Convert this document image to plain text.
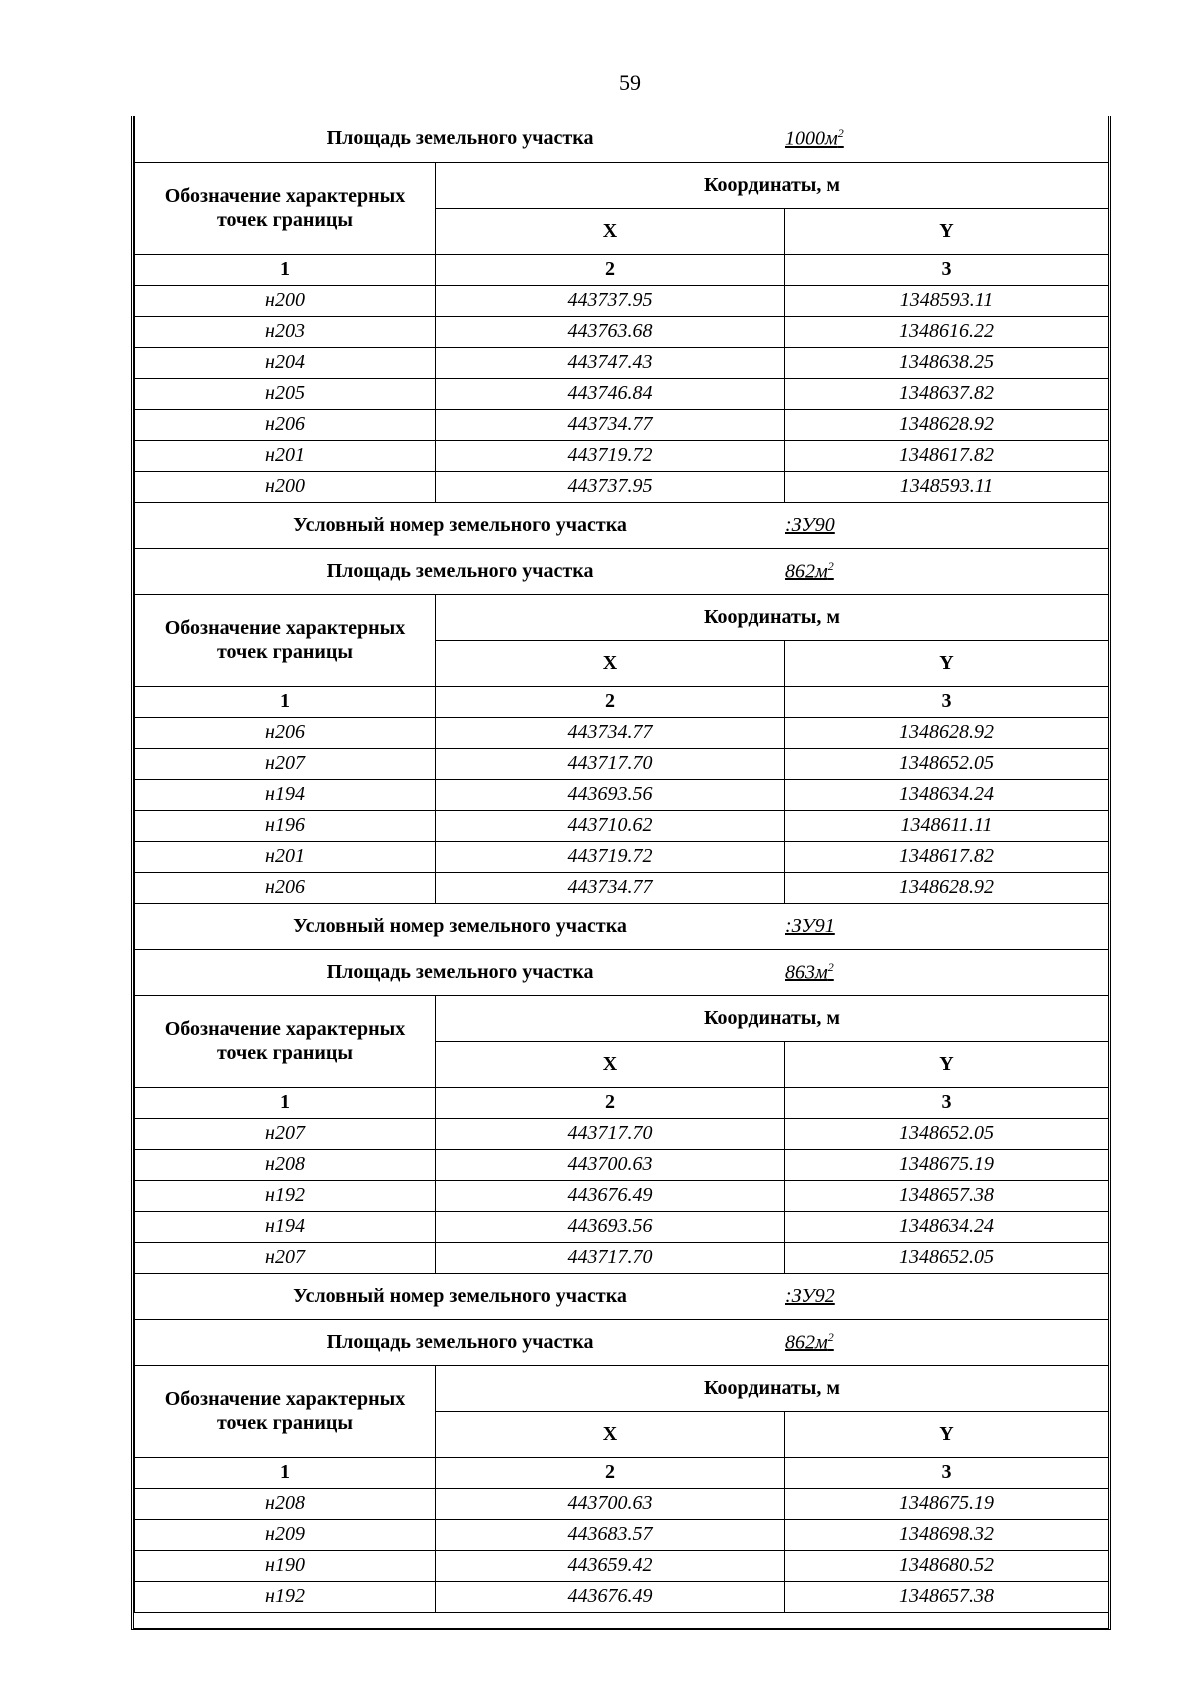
59
Площадь земельного участка $1000м^2$

Обозначение характерных точек границы	Координаты, м	
	X	Y
1	2	3
н200	443737.95	1348593.11
н203	443763.68	1348616.22
н204	443747.43	1348638.25
н205	443746.84	1348637.82
н206	443734.77	1348628.92
н201	443719.72	1348617.82
н200	443737.95	1348593.11

Условный номер земельного участка :ЗУ90		

Площадь земельного участка $862м^2$

Обозначение характерных точек границы	Координаты, м	
	X	Y
1	2	3
н206	443734.77	1348628.92
н207	443717.70	1348652.05
н194	443693.56	1348634.24
н196	443710.62	1348611.11
н201	443719.72	1348617.82
н206	443734.77	1348628.92

Условный номер земельного участка :ЗУ91		

Площадь земельного участка $863м^2$

Обозначение характерных точек границы	Координаты, м	
	X	Y
1	2	3
н207	443717.70	1348652.05
н208	443700.63	1348675.19
н192	443676.49	1348657.38
н194	443693.56	1348634.24
н207	443717.70	1348652.05

Условный номер земельного участка :ЗУ92		

Площадь земельного участка $862м^2$

Обозначение характерных точек границы	Координаты, м	
	X	Y
1	2	3
н208	443700.63	1348675.19
н209	443683.57	1348698.32
н190	443659.42	1348680.52
н192	443676.49	1348657.38
